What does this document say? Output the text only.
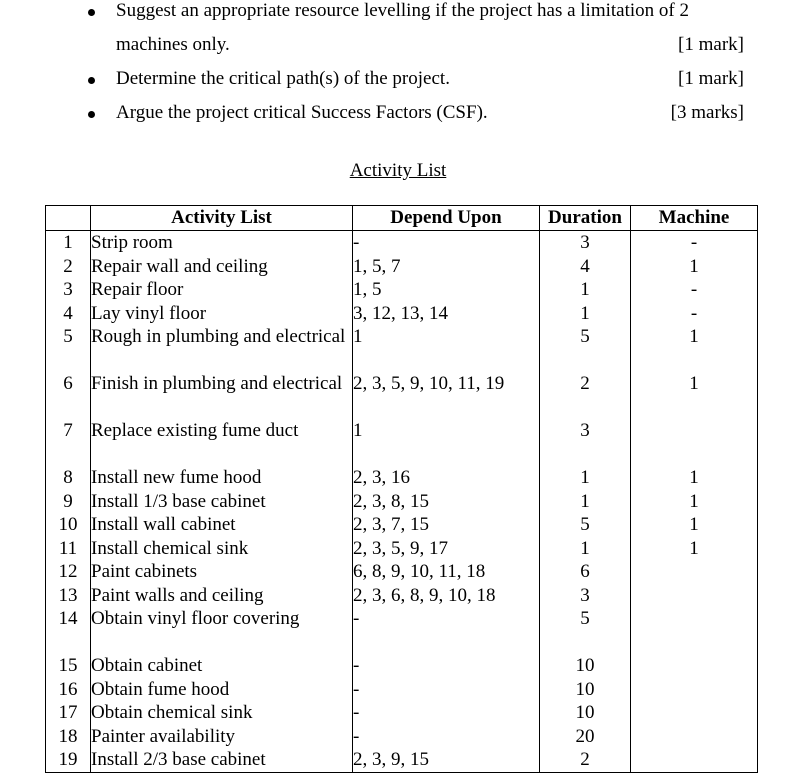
Suggest an appropriate resource levelling if the project has a limitation of 2
machines only.	[1 mark]
Determine the critical path(s) of the project.	[1 mark]
Argue the project critical Success Factors (CSF).	[3 marks]
Activity List
	Activity List	Depend Upon	Duration	Machine
1	Strip room	-	3	-
2	Repair wall and ceiling	1, 5, 7	4	1
3	Repair floor	1, 5	1	-
4	Lay vinyl floor	3, 12, 13, 14	1	-
5	Rough in plumbing and electrical	1	5	1
6	Finish in plumbing and electrical	2, 3, 5, 9, 10, 11, 19	2	1
7	Replace existing fume duct	1	3	
8	Install new fume hood	2, 3, 16	1	1
9	Install 1/3 base cabinet	2, 3, 8, 15	1	1
10	Install wall cabinet	2, 3, 7, 15	5	1
11	Install chemical sink	2, 3, 5, 9, 17	1	1
12	Paint cabinets	6, 8, 9, 10, 11, 18	6	
13	Paint walls and ceiling	2, 3, 6, 8, 9, 10, 18	3	
14	Obtain vinyl floor covering	-	5	
15	Obtain cabinet	-	10	
16	Obtain fume hood	-	10	
17	Obtain chemical sink	-	10	
18	Painter availability	-	20	
19	Install 2/3 base cabinet	2, 3, 9, 15	2	
